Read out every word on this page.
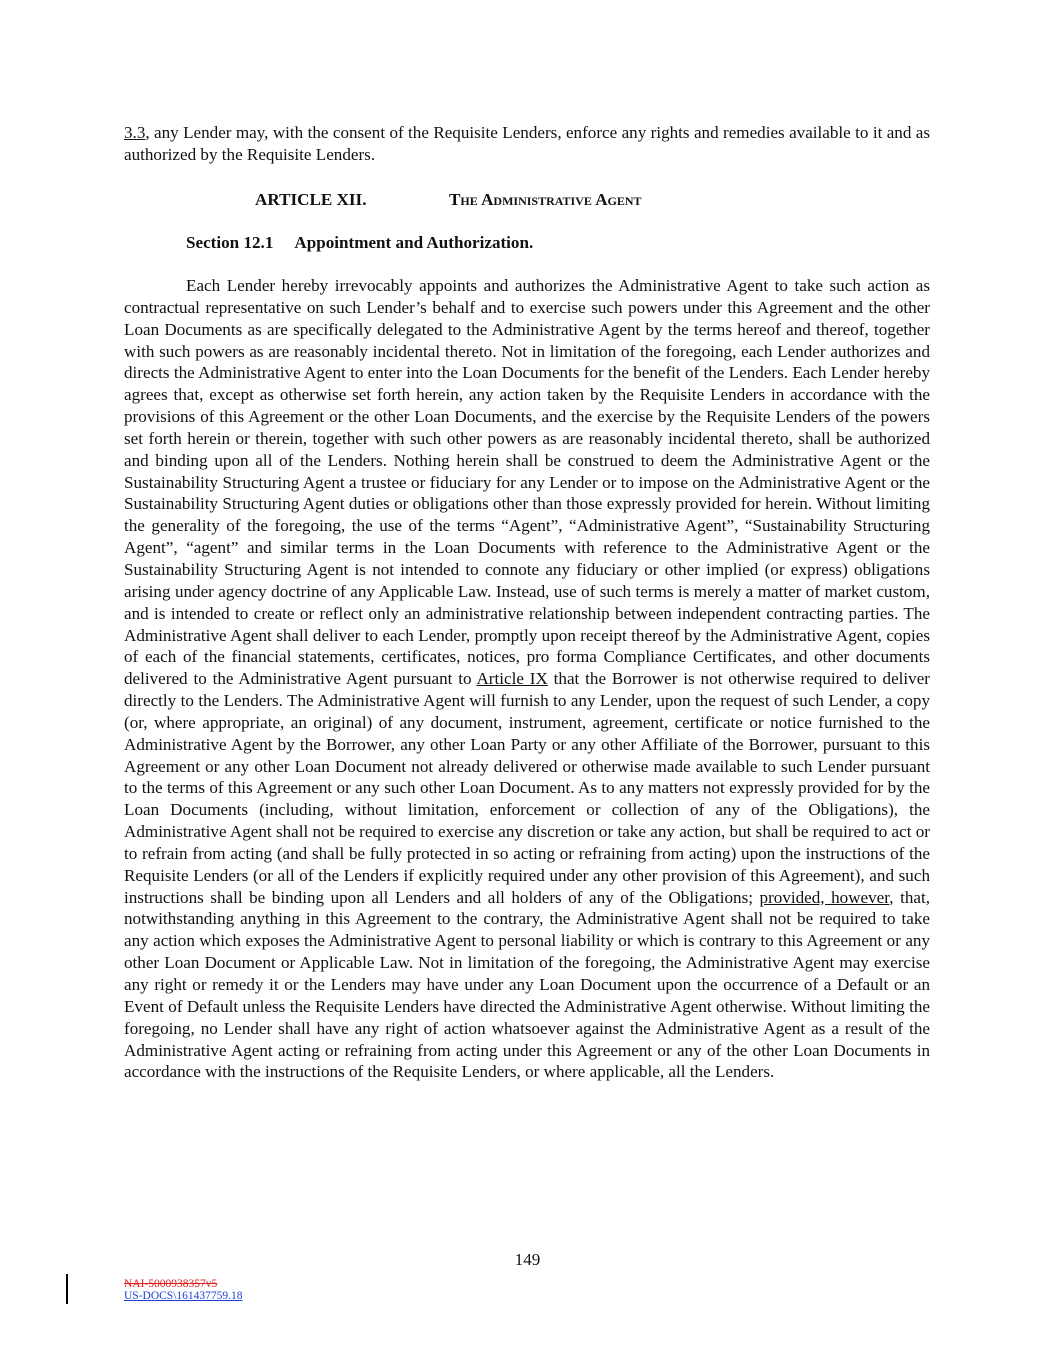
3.3, any Lender may, with the consent of the Requisite Lenders, enforce any rights and remedies available to it and as authorized by the Requisite Lenders.

ARTICLE XII.	The Administrative Agent
Section 12.1 Appointment and Authorization.

Each Lender hereby irrevocably appoints and authorizes the Administrative Agent to take such action as contractual representative on such Lender’s behalf and to exercise such powers under this Agreement and the other Loan Documents as are specifically delegated to the Administrative Agent by the terms hereof and thereof, together with such powers as are reasonably incidental thereto. Not in limitation of the foregoing, each Lender authorizes and directs the Administrative Agent to enter into the Loan Documents for the benefit of the Lenders. Each Lender hereby agrees that, except as otherwise set forth herein, any action taken by the Requisite Lenders in accordance with the provisions of this Agreement or the other Loan Documents, and the exercise by the Requisite Lenders of the powers set forth herein or therein, together with such other powers as are reasonably incidental thereto, shall be authorized and binding upon all of the Lenders. Nothing herein shall be construed to deem the Administrative Agent or the Sustainability Structuring Agent a trustee or fiduciary for any Lender or to impose on the Administrative Agent or the Sustainability Structuring Agent duties or obligations other than those expressly provided for herein. Without limiting the generality of the foregoing, the use of the terms “Agent”, “Administrative Agent”, “Sustainability Structuring Agent”, “agent” and similar terms in the Loan Documents with reference to the Administrative Agent or the Sustainability Structuring Agent is not intended to connote any fiduciary or other implied (or express) obligations arising under agency doctrine of any Applicable Law. Instead, use of such terms is merely a matter of market custom, and is intended to create or reflect only an administrative relationship between independent contracting parties. The Administrative Agent shall deliver to each Lender, promptly upon receipt thereof by the Administrative Agent, copies of each of the financial statements, certificates, notices, pro forma Compliance Certificates, and other documents delivered to the Administrative Agent pursuant to Article IX that the Borrower is not otherwise required to deliver directly to the Lenders. The Administrative Agent will furnish to any Lender, upon the request of such Lender, a copy (or, where appropriate, an original) of any document, instrument, agreement, certificate or notice furnished to the Administrative Agent by the Borrower, any other Loan Party or any other Affiliate of the Borrower, pursuant to this Agreement or any other Loan Document not already delivered or otherwise made available to such Lender pursuant to the terms of this Agreement or any such other Loan Document. As to any matters not expressly provided for by the Loan Documents (including, without limitation, enforcement or collection of any of the Obligations), the Administrative Agent shall not be required to exercise any discretion or take any action, but shall be required to act or to refrain from acting (and shall be fully protected in so acting or refraining from acting) upon the instructions of the Requisite Lenders (or all of the Lenders if explicitly required under any other provision of this Agreement), and such instructions shall be binding upon all Lenders and all holders of any of the Obligations; provided, however, that, notwithstanding anything in this Agreement to the contrary, the Administrative Agent shall not be required to take any action which exposes the Administrative Agent to personal liability or which is contrary to this Agreement or any other Loan Document or Applicable Law. Not in limitation of the foregoing, the Administrative Agent may exercise any right or remedy it or the Lenders may have under any Loan Document upon the occurrence of a Default or an Event of Default unless the Requisite Lenders have directed the Administrative Agent otherwise. Without limiting the foregoing, no Lender shall have any right of action whatsoever against the Administrative Agent as a result of the Administrative Agent acting or refraining from acting under this Agreement or any of the other Loan Documents in accordance with the instructions of the Requisite Lenders, or where applicable, all the Lenders.

149
NAI-5000938357v5
US-DOCS\161437759.18
